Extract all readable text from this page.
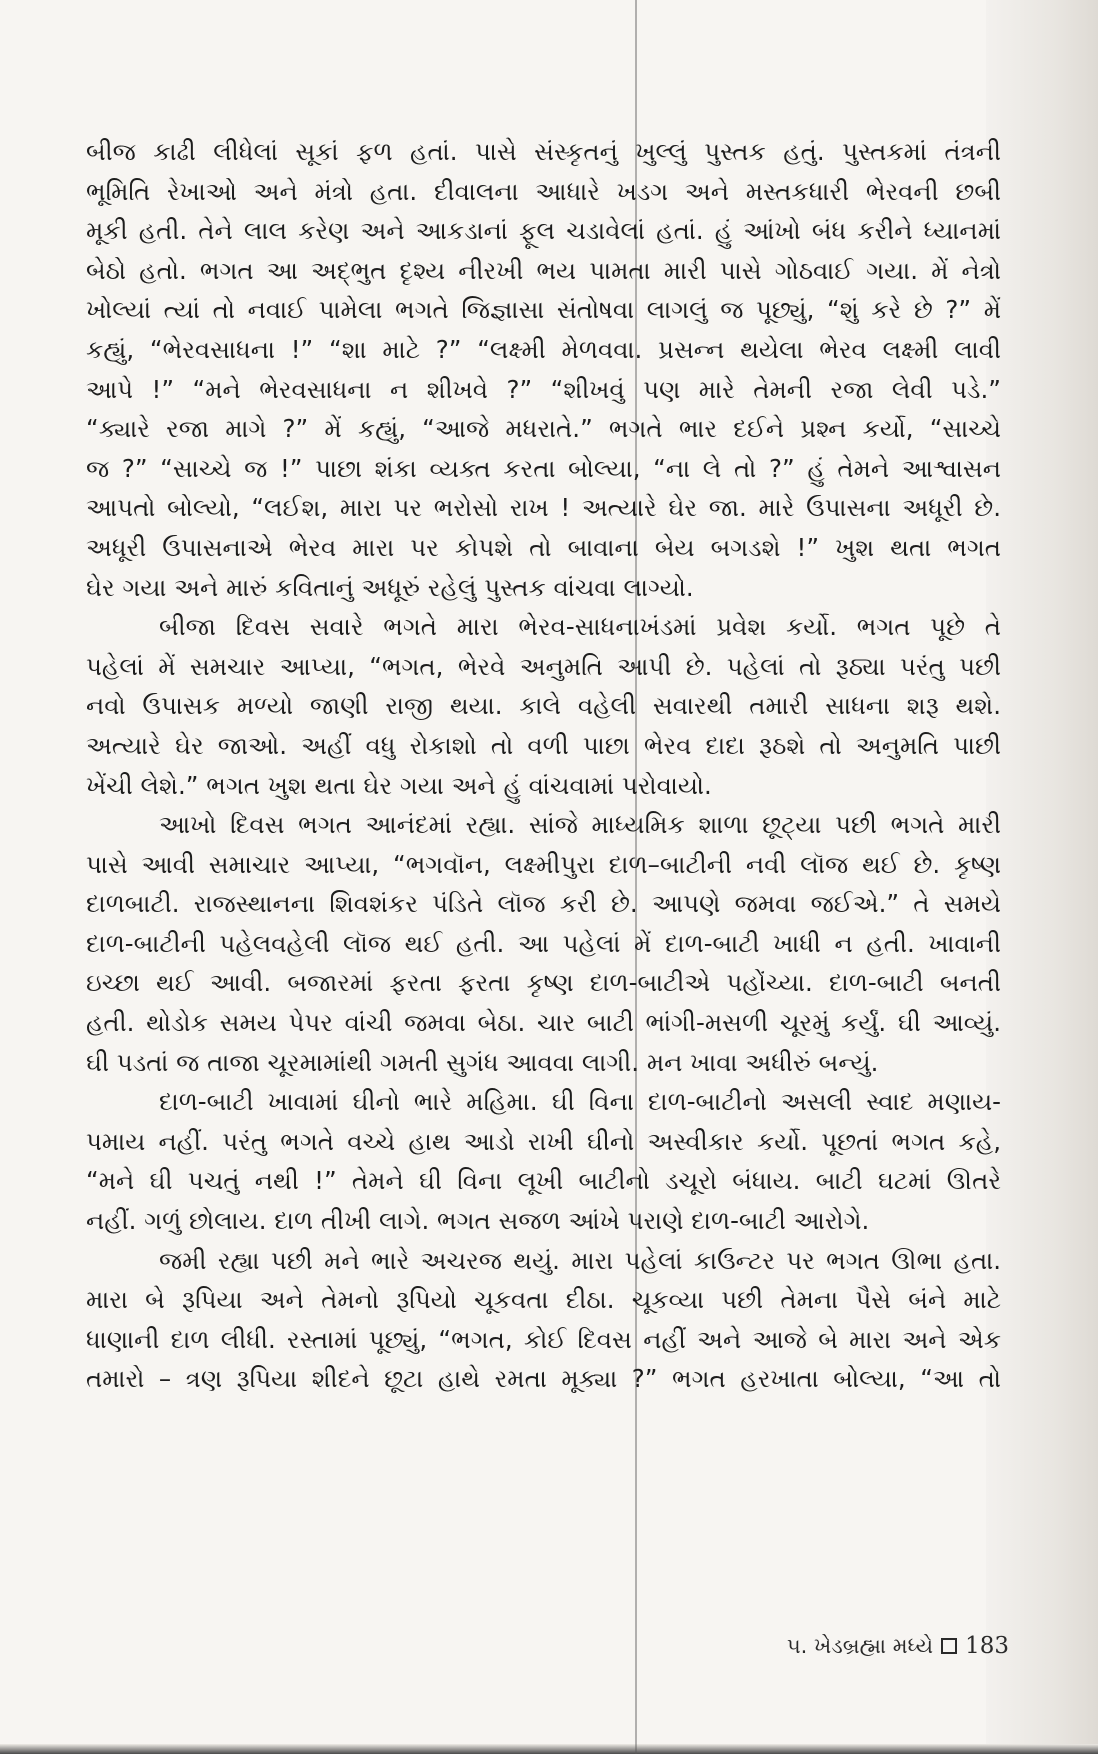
બીજ કાઢી લીધેલાં સૂકાં ફળ હતાં. પાસે સંસ્કૃતનું ખુલ્લું પુસ્તક હતું. પુસ્તકમાં તંત્રની
ભૂમિતિ રેખાઓ અને મંત્રો હતા. દીવાલના આધારે ખડગ અને મસ્તકધારી ભેરવની છબી
મૂકી હતી. તેને લાલ કરેણ અને આકડાનાં ફૂલ ચડાવેલાં હતાં. હું આંખો બંધ કરીને ધ્યાનમાં
બેઠો હતો. ભગત આ અદ્ભુત દૃશ્ય નીરખી ભય પામતા મારી પાસે ગોઠવાઈ ગયા. મેં નેત્રો
ખોલ્યાં ત્યાં તો નવાઈ પામેલા ભગતે જિજ્ઞાસા સંતોષવા લાગલું જ પૂછ્યું, “શું કરે છે ?” મેં
કહ્યું, “ભેરવસાધના !” “શા માટે ?” “લક્ષ્મી મેળવવા. પ્રસન્ન થયેલા ભેરવ લક્ષ્મી લાવી
આપે !” “મને ભેરવસાધના ન શીખવે ?” “શીખવું પણ મારે તેમની રજા લેવી પડે.”
“ક્યારે રજા માગે ?” મેં કહ્યું, “આજે મધરાતે.” ભગતે ભાર દઈને પ્રશ્ન કર્યો, “સાચ્ચે
જ ?” “સાચ્ચે જ !” પાછા શંકા વ્યક્ત કરતા બોલ્યા, “ના લે તો ?” હું તેમને આશ્વાસન
આપતો બોલ્યો, “લઈશ, મારા પર ભરોસો રાખ ! અત્યારે ઘેર જા. મારે ઉપાસના અધૂરી છે.
અધૂરી ઉપાસનાએ ભેરવ મારા પર કોપશે તો બાવાના બેય બગડશે !” ખુશ થતા ભગત
ઘેર ગયા અને મારું કવિતાનું અધૂરું રહેલું પુસ્તક વાંચવા લાગ્યો.
બીજા દિવસ સવારે ભગતે મારા ભેરવ-સાધનાખંડમાં પ્રવેશ કર્યો. ભગત પૂછે તે
પહેલાં મેં સમચાર આપ્યા, “ભગત, ભેરવે અનુમતિ આપી છે. પહેલાં તો રૂઠ્યા પરંતુ પછી
નવો ઉપાસક મળ્યો જાણી રાજી થયા. કાલે વહેલી સવારથી તમારી સાધના શરૂ થશે.
અત્યારે ઘેર જાઓ. અહીં વધુ રોકાશો તો વળી પાછા ભેરવ દાદા રૂઠશે તો અનુમતિ પાછી
ખેંચી લેશે.” ભગત ખુશ થતા ઘેર ગયા અને હું વાંચવામાં પરોવાયો.
આખો દિવસ ભગત આનંદમાં રહ્યા. સાંજે માધ્યમિક શાળા છૂટ્યા પછી ભગતે મારી
પાસે આવી સમાચાર આપ્યા, “ભગવૉન, લક્ષ્મીપુરા દાળ–બાટીની નવી લૉજ થઈ છે. કૃષ્ણ
દાળબાટી. રાજસ્થાનના શિવશંકર પંડિતે લૉજ કરી છે. આપણે જમવા જઈએ.” તે સમયે
દાળ-બાટીની પહેલવહેલી લૉજ થઈ હતી. આ પહેલાં મેં દાળ-બાટી ખાધી ન હતી. ખાવાની
ઇચ્છા થઈ આવી. બજારમાં ફરતા ફરતા કૃષ્ણ દાળ-બાટીએ પહોંચ્યા. દાળ-બાટી બનતી
હતી. થોડોક સમય પેપર વાંચી જમવા બેઠા. ચાર બાટી ભાંગી-મસળી ચૂરમું કર્યું. ઘી આવ્યું.
ઘી પડતાં જ તાજા ચૂરમામાંથી ગમતી સુગંધ આવવા લાગી. મન ખાવા અધીરું બન્યું.
દાળ-બાટી ખાવામાં ઘીનો ભારે મહિમા. ઘી વિના દાળ-બાટીનો અસલી સ્વાદ મણાય-
પમાય નહીં. પરંતુ ભગતે વચ્ચે હાથ આડો રાખી ઘીનો અસ્વીકાર કર્યો. પૂછતાં ભગત કહે,
“મને ઘી પચતું નથી !” તેમને ઘી વિના લૂખી બાટીનો ડચૂરો બંધાય. બાટી ઘટમાં ઊતરે
નહીં. ગળું છોલાય. દાળ તીખી લાગે. ભગત સજળ આંખે પરાણે દાળ-બાટી આરોગે.
જમી રહ્યા પછી મને ભારે અચરજ થયું. મારા પહેલાં કાઉન્ટર પર ભગત ઊભા હતા.
મારા બે રૂપિયા અને તેમનો રૂપિયો ચૂકવતા દીઠા. ચૂકવ્યા પછી તેમના પૈસે બંને માટે
ધાણાની દાળ લીધી. રસ્તામાં પૂછ્યું, “ભગત, કોઈ દિવસ નહીં અને આજે બે મારા અને એક
તમારો – ત્રણ રૂપિયા શીદને છૂટા હાથે રમતા મૂક્યા ?” ભગત હરખાતા બોલ્યા, “આ તો
૫. ખેડબ્રહ્મા મધ્યે 183
